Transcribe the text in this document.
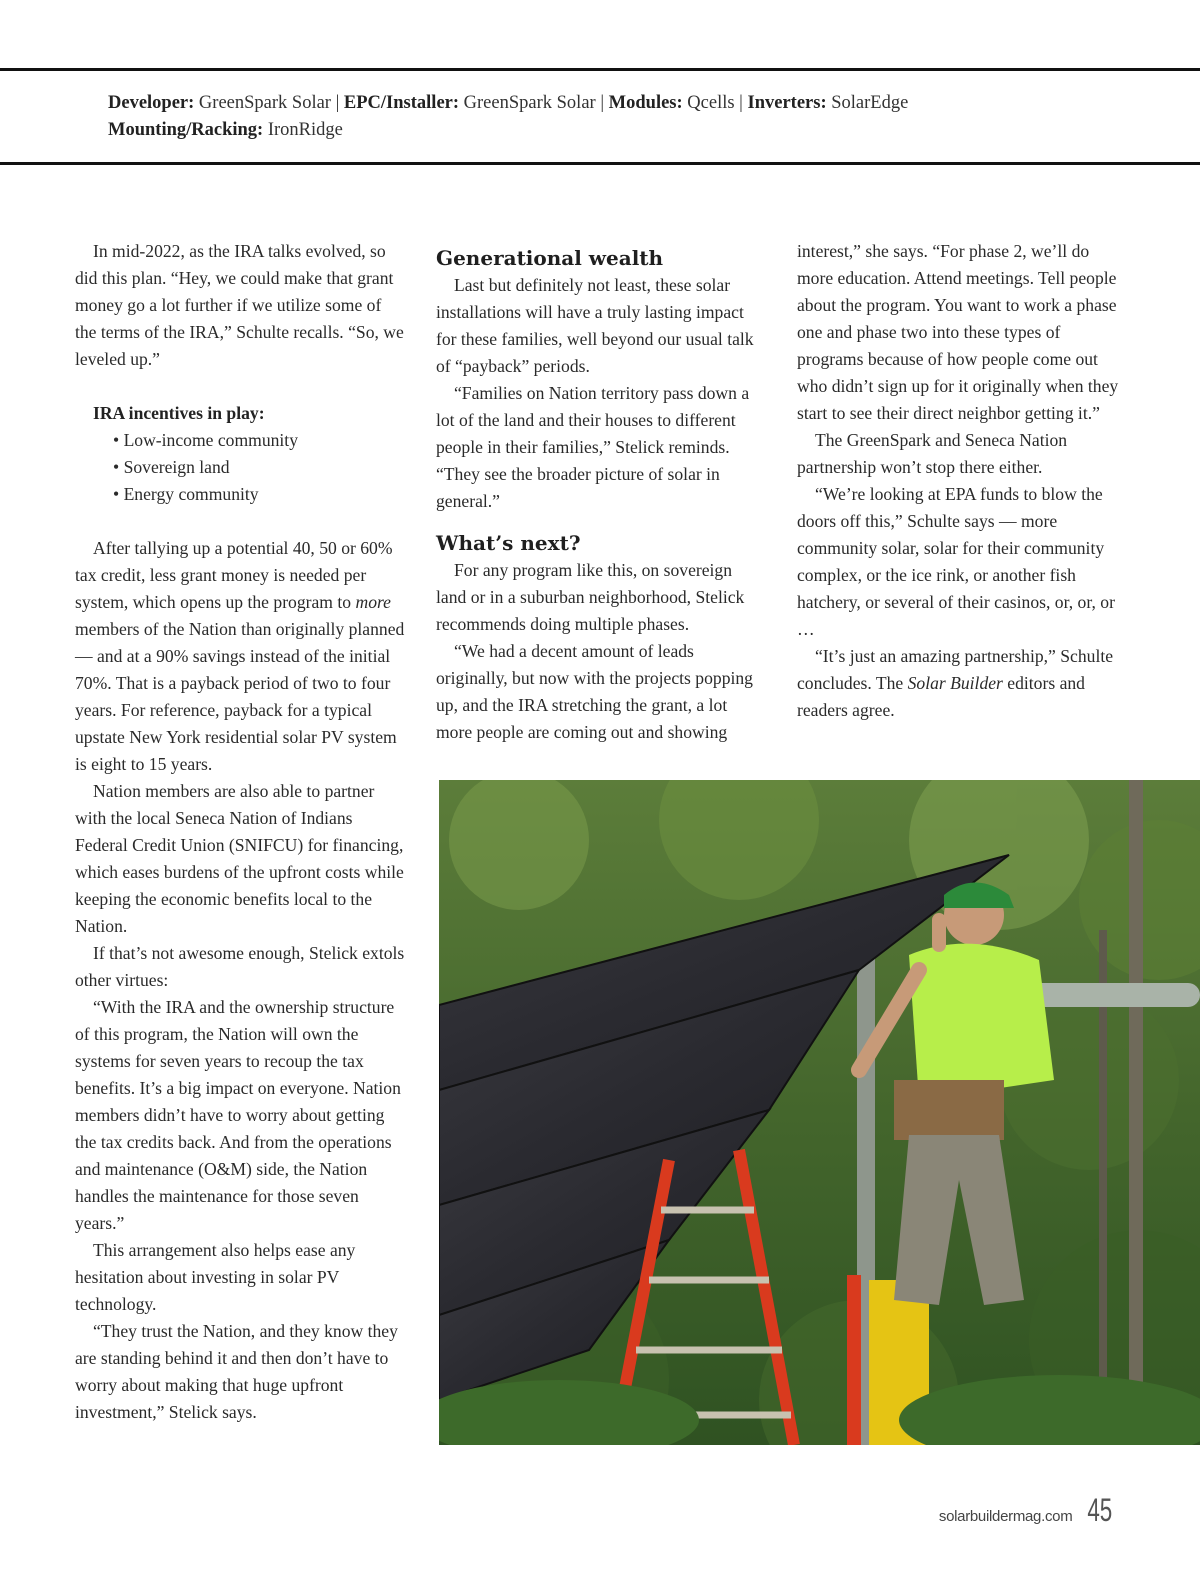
Developer: GreenSpark Solar | EPC/Installer: GreenSpark Solar | Modules: Qcells | Inverters: SolarEdge
Mounting/Racking: IronRidge

In mid-2022, as the IRA talks evolved, so did this plan. “Hey, we could make that grant money go a lot further if we utilize some of the terms of the IRA,” Schulte recalls. “So, we leveled up.”

IRA incentives in play:
• Low-income community
• Sovereign land
• Energy community

After tallying up a potential 40, 50 or 60% tax credit, less grant money is needed per system, which opens up the program to more members of the Nation than originally planned — and at a 90% savings instead of the initial 70%. That is a payback period of two to four years. For reference, payback for a typical upstate New York residential solar PV system is eight to 15 years.

Nation members are also able to partner with the local Seneca Nation of Indians Federal Credit Union (SNIFCU) for financing, which eases burdens of the upfront costs while keeping the economic benefits local to the Nation.

If that’s not awesome enough, Stelick extols other virtues:

“With the IRA and the ownership structure of this program, the Nation will own the systems for seven years to recoup the tax benefits. It’s a big impact on everyone. Nation members didn’t have to worry about getting the tax credits back. And from the operations and maintenance (O&M) side, the Nation handles the maintenance for those seven years.”

This arrangement also helps ease any hesitation about investing in solar PV technology.

“They trust the Nation, and they know they are standing behind it and then don’t have to worry about making that huge upfront investment,” Stelick says.

Generational wealth

Last but definitely not least, these solar installations will have a truly lasting impact for these families, well beyond our usual talk of “payback” periods.

“Families on Nation territory pass down a lot of the land and their houses to different people in their families,” Stelick reminds. “They see the broader picture of solar in general.”

What’s next?

For any program like this, on sovereign land or in a suburban neighborhood, Stelick recommends doing multiple phases.

“We had a decent amount of leads originally, but now with the projects popping up, and the IRA stretching the grant, a lot more people are coming out and showing

interest,” she says. “For phase 2, we’ll do more education. Attend meetings. Tell people about the program. You want to work a phase one and phase two into these types of programs because of how people come out who didn’t sign up for it originally when they start to see their direct neighbor getting it.”

The GreenSpark and Seneca Nation partnership won’t stop there either.

“We’re looking at EPA funds to blow the doors off this,” Schulte says — more community solar, solar for their community complex, or the ice rink, or another fish hatchery, or several of their casinos, or, or, or …

“It’s just an amazing partnership,” Schulte concludes. The Solar Builder editors and readers agree.

solarbuildermag.com 45
